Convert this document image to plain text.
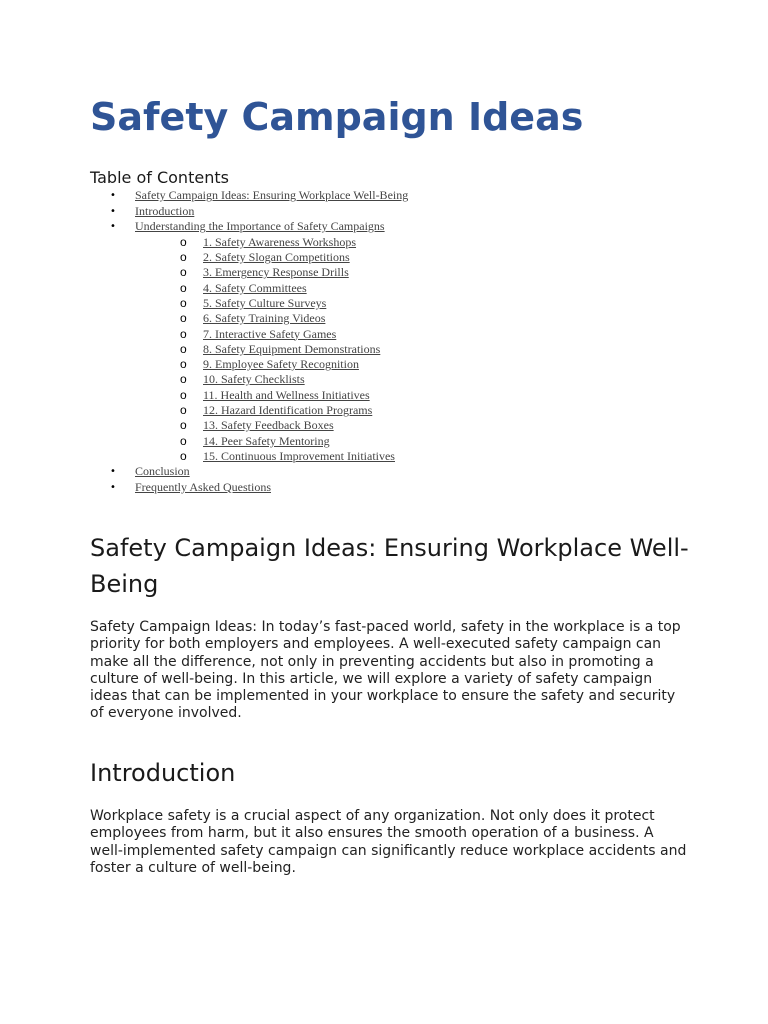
Safety Campaign Ideas
Table of Contents
• Safety Campaign Ideas: Ensuring Workplace Well-Being
• Introduction
• Understanding the Importance of Safety Campaigns
o 1. Safety Awareness Workshops
o 2. Safety Slogan Competitions
o 3. Emergency Response Drills
o 4. Safety Committees
o 5. Safety Culture Surveys
o 6. Safety Training Videos
o 7. Interactive Safety Games
o 8. Safety Equipment Demonstrations
o 9. Employee Safety Recognition
o 10. Safety Checklists
o 11. Health and Wellness Initiatives
o 12. Hazard Identification Programs
o 13. Safety Feedback Boxes
o 14. Peer Safety Mentoring
o 15. Continuous Improvement Initiatives
• Conclusion
• Frequently Asked Questions
Safety Campaign Ideas: Ensuring Workplace Well-Being

Safety Campaign Ideas: In today’s fast-paced world, safety in the workplace is a top priority for both employers and employees. A well-executed safety campaign can make all the difference, not only in preventing accidents but also in promoting a culture of well-being. In this article, we will explore a variety of safety campaign ideas that can be implemented in your workplace to ensure the safety and security of everyone involved.

Introduction

Workplace safety is a crucial aspect of any organization. Not only does it protect employees from harm, but it also ensures the smooth operation of a business. A well-implemented safety campaign can significantly reduce workplace accidents and foster a culture of well-being.
